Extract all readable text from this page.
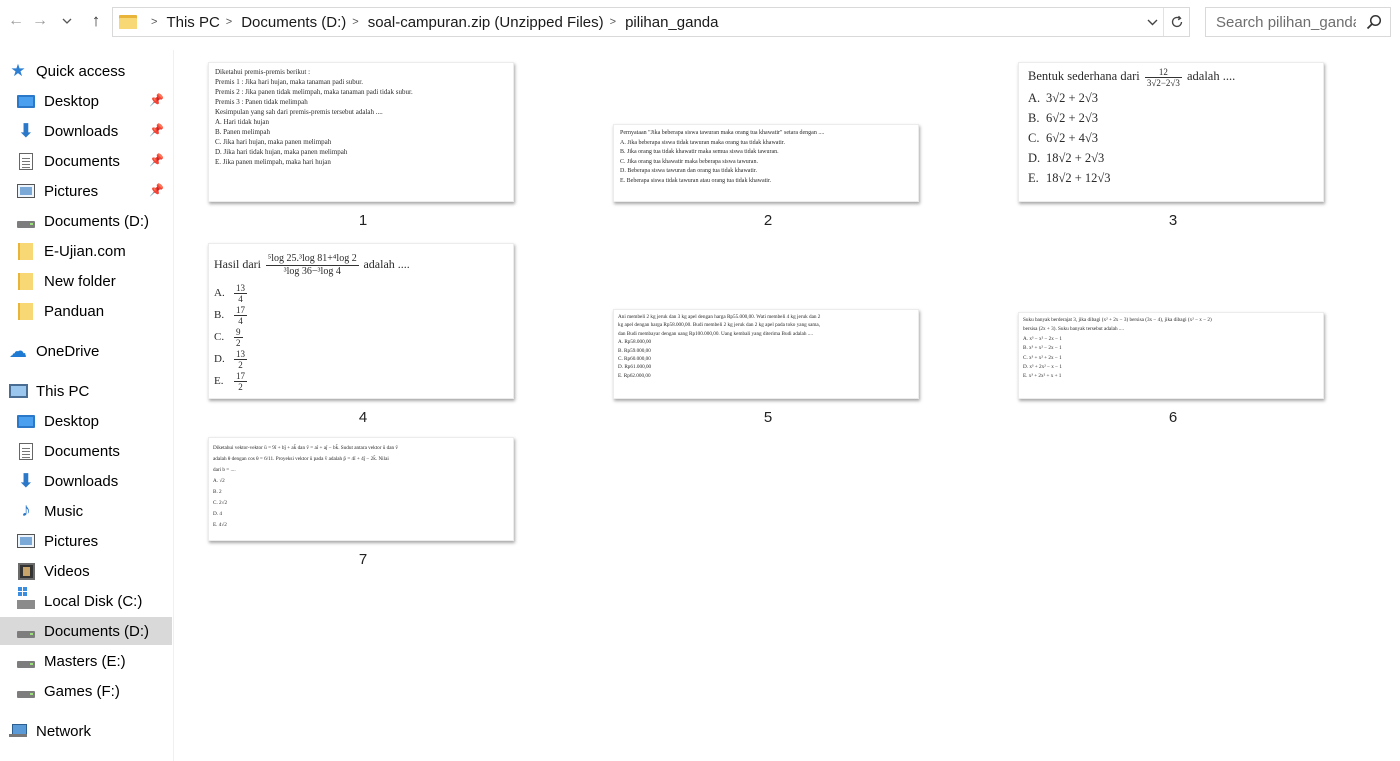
← →	↑	> This PC > Documents (D:) > soal-campuran.zip (Unzipped Files) > pilihan_ganda
Search pilihan_ganda
★ Quick access
Desktop	📌
⬇ Downloads	📌
Documents 📌
Pictures	📌
Documents (D:)
E-Ujian.com
New folder
Panduan
☁ OneDrive
This PC
Desktop
Documents
⬇ Downloads
♪ Music
Pictures
Videos
Local Disk (C:)
Documents (D:)
Masters (E:)
Games (F:)
Network
Diketahui premis-premis berikut :
Premis 1 : Jika hari hujan, maka tanaman padi subur.
Premis 2 : Jika panen tidak melimpah, maka tanaman padi tidak subur.
Premis 3 : Panen tidak melimpah
Kesimpulan yang sah dari premis-premis tersebut adalah ....
A. Hari tidak hujan
B. Panen melimpah
C. Jika hari hujan, maka panen melimpah
D. Jika hari tidak hujan, maka panen melimpah
E. Jika panen melimpah, maka hari hujan
1
Pernyataan "Jika beberapa siswa tawuran maka orang tua khawatir" setara dengan ....
A. Jika beberapa siswa tidak tawuran maka orang tua tidak khawatir.
B. Jika orang tua tidak khawatir maka semua siswa tidak tawuran.
C. Jika orang tua khawatir maka beberapa siswa tawuran.
D. Beberapa siswa tawuran dan orang tua tidak khawatir.
E. Beberapa siswa tidak tawuran atau orang tua tidak khawatir.
2
Bentuk sederhana dari $\frac{12}{3√2-2√3}$ adalah ....
A. 3√2 + 2√3
B. 6√2 + 2√3
C. 6√2 + 4√3
D. 18√2 + 2√3
E. 18√2 + 12√3
3
Hasil dari $\frac{\text{⁵log 25.³log 81+⁴log 2}}{\text{³log 36−³log 4}}$ adalah ....
A. $\frac{13}{4}$
B. $\frac{17}{4}$
C. $\frac{9}{2}$
D. $\frac{13}{2}$
E. $\frac{17}{2}$
4
Ani membeli 2 kg jeruk dan 3 kg apel dengan harga Rp55.000,00. Wati membeli 4 kg jeruk dan 2
kg apel dengan harga Rp58.000,00. Budi membeli 2 kg jeruk dan 2 kg apel pada toko yang sama,
dan Budi membayar dengan uang Rp100.000,00. Uang kembali yang diterima Budi adalah ....
A. Rp58.000,00
B. Rp59.000,00
C. Rp60.000,00
D. Rp61.000,00
E. Rp62.000,00
5
Suku banyak berderajat 3, jika dibagi (x² + 2x − 3) bersisa (3x − 4), jika dibagi (x² − x − 2)
bersisa (2x + 3). Suku banyak tersebut adalah ....
A. x³ − x² − 2x − 1
B. x³ + x² − 2x − 1
C. x³ + x² + 2x − 1
D. x³ + 2x² − x − 1
E. x³ + 2x² + x + 1
6
Diketahui vektor-vektor ū = 9î + bĵ + ak̂ dan v̄ = aî + aĵ − bk̂. Sudut antara vektor ū dan v̄
adalah θ dengan cos θ = 6/11. Proyeksi vektor ū pada v̄ adalah p̄ = 4î + 4ĵ − 2k̂. Nilai
dari b = ....
A. √2
B. 2
C. 2√2
D. 4
E. 4√2
7
